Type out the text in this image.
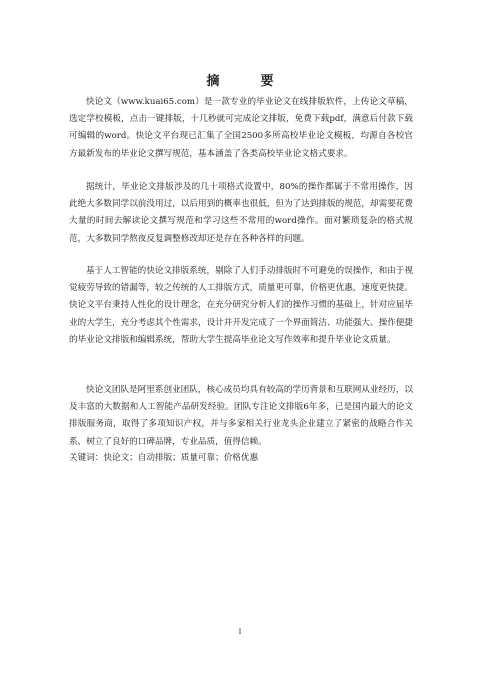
摘　要

快论文（www.kuai65.com）是一款专业的毕业论文在线排版软件，上传论文草稿，选定学校模板，点击一键排版，十几秒就可完成论文排版，免费下载pdf，满意后付款下载可编辑的word。快论文平台现已汇集了全国2500多所高校毕业论文模板，均源自各校官方最新发布的毕业论文撰写规范，基本涵盖了各类高校毕业论文格式要求。

据统计，毕业论文排版涉及的几十项格式设置中，80%的操作都属于不常用操作，因此绝大多数同学以前没用过，以后用到的概率也很低，但为了达到排版的规范，却需要花费大量的时间去解读论文撰写规范和学习这些不常用的word操作。面对繁琐复杂的格式规范，大多数同学熬夜反复调整修改却还是存在各种各样的问题。

基于人工智能的快论文排版系统，剔除了人们手动排版时不可避免的误操作，和由于视觉疲劳导致的错漏等，较之传统的人工排版方式，质量更可靠，价格更优惠，速度更快捷。快论文平台秉持人性化的设计理念，在充分研究分析人们的操作习惯的基础上，针对应届毕业的大学生，充分考虑其个性需求，设计并开发完成了一个界面简洁、功能强大、操作便捷的毕业论文排版和编辑系统，帮助大学生提高毕业论文写作效率和提升毕业论文质量。

快论文团队是阿里系创业团队，核心成员均具有较高的学历背景和互联网从业经历，以及丰富的大数据和人工智能产品研发经验。团队专注论文排版6年多，已是国内最大的论文排版服务商，取得了多项知识产权，并与多家相关行业龙头企业建立了紧密的战略合作关系，树立了良好的口碑品牌，专业品质，值得信赖。

关键词：快论文；自动排版；质量可靠；价格优惠

I
